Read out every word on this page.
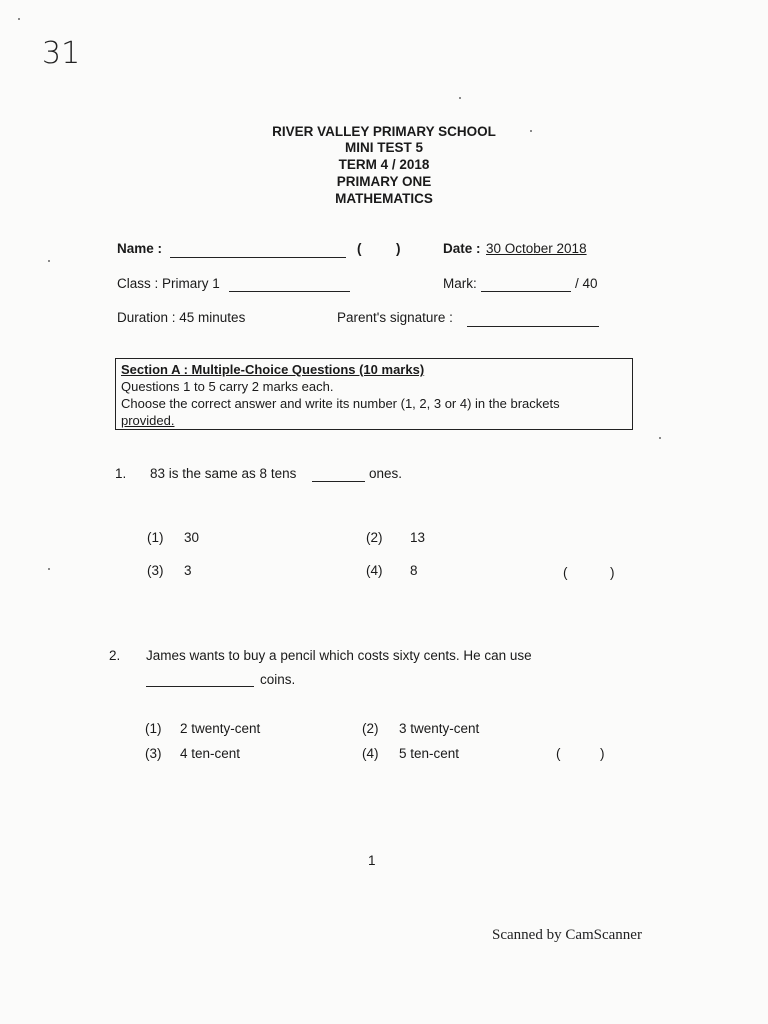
31
RIVER VALLEY PRIMARY SCHOOL
MINI TEST 5
TERM 4 / 2018
PRIMARY ONE
MATHEMATICS
Name :	(	)	Date : 30 October 2018
Class : Primary 1	Mark:	/ 40
Duration : 45 minutes	Parent's signature :
Section A : Multiple-Choice Questions (10 marks)
Questions 1 to 5 carry 2 marks each.
Choose the correct answer and write its number (1, 2, 3 or 4) in the brackets
provided.
1. 83 is the same as 8 tens	ones.
(1) 30	(2) 13
(3) 3	(4) 8	(	)
2. James wants to buy a pencil which costs sixty cents. He can use
coins.
(1) 2 twenty-cent	(2) 3 twenty-cent
(3) 4 ten-cent	(4) 5 ten-cent	(	)
1
Scanned by CamScanner
